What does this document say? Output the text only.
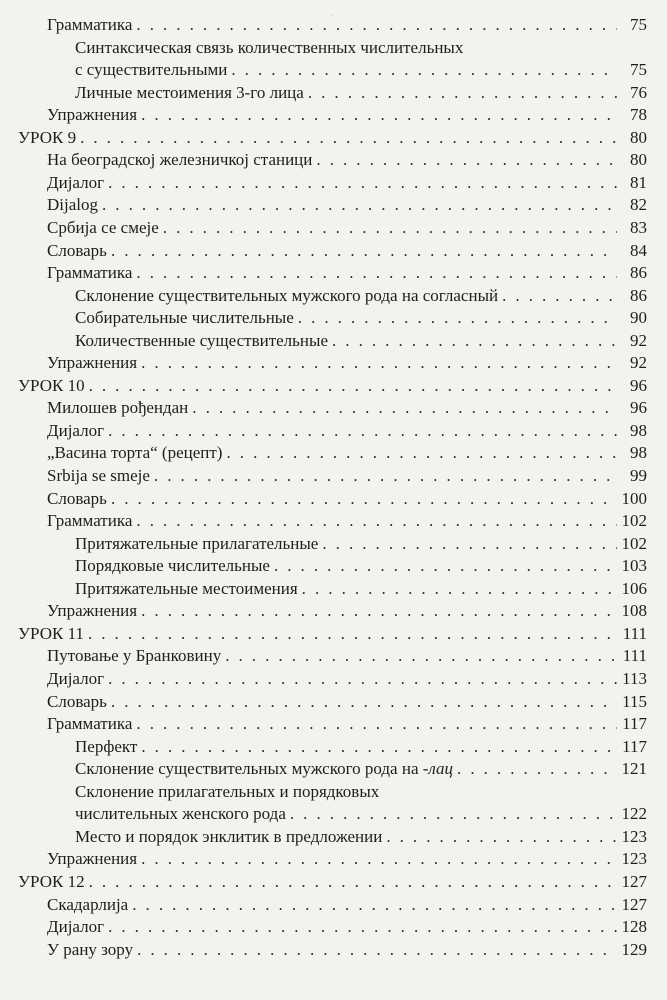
·
Грамматика . . .	75
Синтаксическая связь количественных числительных
с существительными . . .	75
Личные местоимения 3-го лица . . .	76
Упражнения . . .	78
УРОК 9 . . .	80
На београдској железничкој станици . . .	80
Дијалог . . .	81
Dijalog . . .	82
Србија се смеје . . .	83
Словарь . . .	84
Грамматика . . .	86
Склонение существительных мужского рода на согласный . . .	86
Собирательные числительные . . .	90
Количественные существительные . . .	92
Упражнения . . .	92
УРОК 10 . . .	96
Милошев рођендан . . .	96
Дијалог . . .	98
„Васина торта“ (рецепт) . . .	98
Srbija se smeje . . .	99
Словарь . . .	100
Грамматика . . .	102
Притяжательные прилагательные . . .	102
Порядковые числительные . . .	103
Притяжательные местоимения . . .	106
Упражнения . . .	108
УРОК 11 . . .	111
Путовање у Бранковину . . .	111
Дијалог . . .	113
Словарь . . .	115
Грамматика . . .	117
Перфект . . .	117
Склонение существительных мужского рода на -лац . . .	121
Склонение прилагательных и порядковых
числительных женского рода . . .	122
Место и порядок энклитик в предложении . . .	123
Упражнения . . .	123
УРОК 12 . . .	127
Скадарлија . . .	127
Дијалог . . .	128
У рану зору . . .	129
